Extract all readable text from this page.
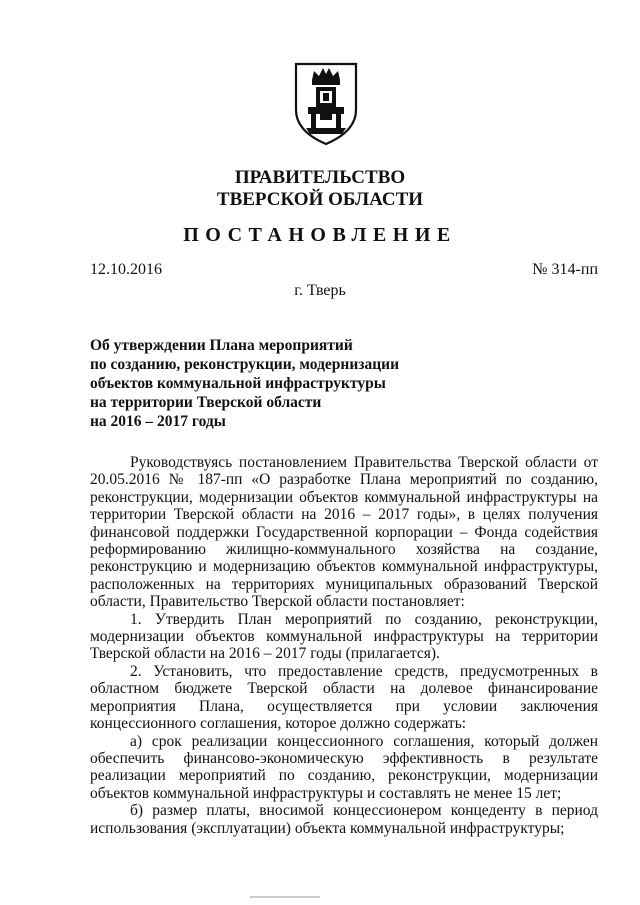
ПРАВИТЕЛЬСТВО
ТВЕРСКОЙ ОБЛАСТИ
ПОСТАНОВЛЕНИЕ
12.10.2016	№ 314-пп
г. Тверь
Об утверждении Плана мероприятий
по созданию, реконструкции, модернизации
объектов коммунальной инфраструктуры
на территории Тверской области
на 2016 – 2017 годы

Руководствуясь постановлением Правительства Тверской области от 20.05.2016 № 187-пп «О разработке Плана мероприятий по созданию, реконструкции, модернизации объектов коммунальной инфраструктуры на территории Тверской области на 2016 – 2017 годы», в целях получения финансовой поддержки Государственной корпорации – Фонда содействия реформированию жилищно-коммунального хозяйства на создание, реконструкцию и модернизацию объектов коммунальной инфраструктуры, расположенных на территориях муниципальных образований Тверской области, Правительство Тверской области постановляет:

1. Утвердить План мероприятий по созданию, реконструкции, модернизации объектов коммунальной инфраструктуры на территории Тверской области на 2016 – 2017 годы (прилагается).

2. Установить, что предоставление средств, предусмотренных в областном бюджете Тверской области на долевое финансирование мероприятия Плана, осуществляется при условии заключения концессионного соглашения, которое должно содержать:

а) срок реализации концессионного соглашения, который должен обеспечить финансово-экономическую эффективность в результате реализации мероприятий по созданию, реконструкции, модернизации объектов коммунальной инфраструктуры и составлять не менее 15 лет;

б) размер платы, вносимой концессионером концеденту в период использования (эксплуатации) объекта коммунальной инфраструктуры;
